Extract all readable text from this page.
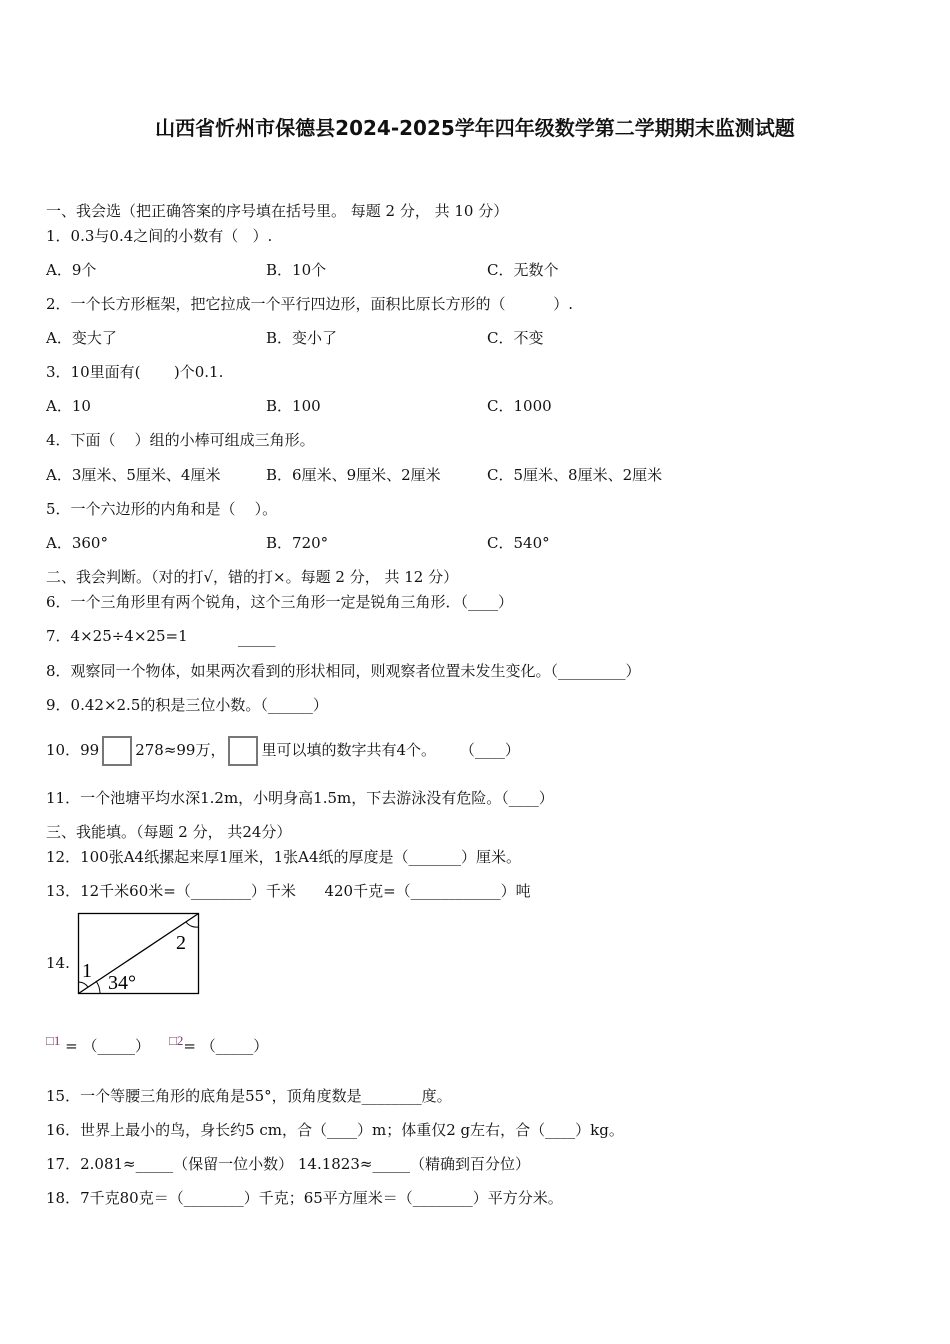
山西省忻州市保德县2024-2025学年四年级数学第二学期期末监测试题
一、我会选（把正确答案的序号填在括号里。 每题 2 分， 共 10 分）
1．0.3与0.4之间的小数有（   ）.
A．9个	B．10个	C．无数个
2．一个长方形框架，把它拉成一个平行四边形，面积比原长方形的（          ）.
A．变大了	B．变小了	C．不变
3．10里面有(       )个0.1.
A．10	B．100	C．1000
4．下面（    ）组的小棒可组成三角形。
A．3厘米、5厘米、4厘米	B．6厘米、9厘米、2厘米	C．5厘米、8厘米、2厘米
5．一个六边形的内角和是（    ）。
A．360°	B．720°	C．540°
二、我会判断。（对的打√，错的打×。每题 2 分， 共 12 分）
6．一个三角形里有两个锐角，这个三角形一定是锐角三角形．（____）
7．4×25÷4×25=1	_____
8．观察同一个物体，如果两次看到的形状相同，则观察者位置未发生变化。（_________）
9．0.42×2.5的积是三位小数。（______）
10．99 278≈99万， 里可以填的数字共有4个。     （____）
11．一个池塘平均水深1.2m，小明身高1.5m，下去游泳没有危险。（____）
三、我能填。（每题 2 分， 共24分）
12．100张A4纸摞起来厚1厘米，1张A4纸的厚度是（_______）厘米。
13．12千米60米=（________）千米      420千克=（____________）吨
14. 1
2
34°
□1 = （_____） □2= （_____）
15．一个等腰三角形的底角是55°，顶角度数是________度。
16．世界上最小的鸟，身长约5 cm，合（____）m；体重仅2 g左右，合（____）kg。
17．2.081≈_____（保留一位小数） 14.1823≈_____（精确到百分位）
18．7千克80克＝（________）千克；65平方厘米＝（________）平方分米。
